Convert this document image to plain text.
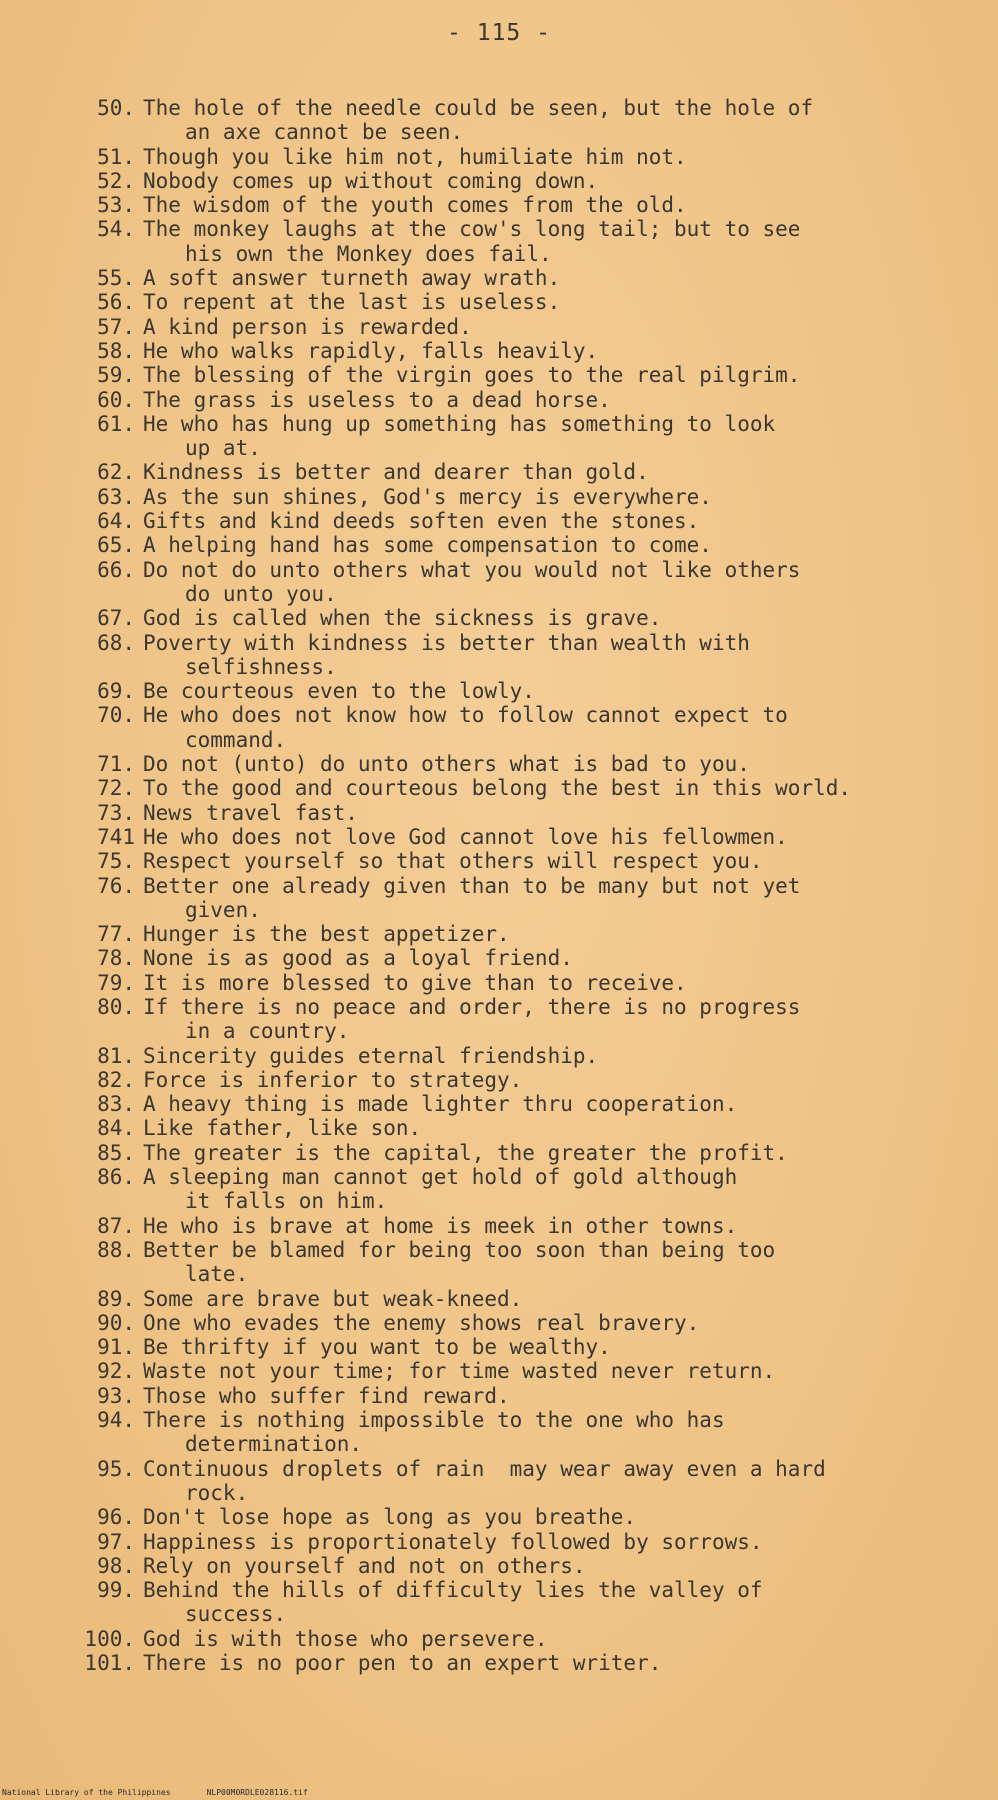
- 115 -
50. The hole of the needle could be seen, but the hole of
an axe cannot be seen.
51. Though you like him not, humiliate him not.
52. Nobody comes up without coming down.
53. The wisdom of the youth comes from the old.
54. The monkey laughs at the cow's long tail; but to see
his own the Monkey does fail.
55. A soft answer turneth away wrath.
56. To repent at the last is useless.
57. A kind person is rewarded.
58. He who walks rapidly, falls heavily.
59. The blessing of the virgin goes to the real pilgrim.
60. The grass is useless to a dead horse.
61. He who has hung up something has something to look
up at.
62. Kindness is better and dearer than gold.
63. As the sun shines, God's mercy is everywhere.
64. Gifts and kind deeds soften even the stones.
65. A helping hand has some compensation to come.
66. Do not do unto others what you would not like others
do unto you.
67. God is called when the sickness is grave.
68. Poverty with kindness is better than wealth with
selfishness.
69. Be courteous even to the lowly.
70. He who does not know how to follow cannot expect to
command.
71. Do not (unto) do unto others what is bad to you.
72. To the good and courteous belong the best in this world.
73. News travel fast.
741 He who does not love God cannot love his fellowmen.
75. Respect yourself so that others will respect you.
76. Better one already given than to be many but not yet
given.
77. Hunger is the best appetizer.
78. None is as good as a loyal friend.
79. It is more blessed to give than to receive.
80. If there is no peace and order, there is no progress
in a country.
81. Sincerity guides eternal friendship.
82. Force is inferior to strategy.
83. A heavy thing is made lighter thru cooperation.
84. Like father, like son.
85. The greater is the capital, the greater the profit.
86. A sleeping man cannot get hold of gold although
it falls on him.
87. He who is brave at home is meek in other towns.
88. Better be blamed for being too soon than being too
late.
89. Some are brave but weak-kneed.
90. One who evades the enemy shows real bravery.
91. Be thrifty if you want to be wealthy.
92. Waste not your time; for time wasted never return.
93. Those who suffer find reward.
94. There is nothing impossible to the one who has
determination.
95. Continuous droplets of rain  may wear away even a hard
rock.
96. Don't lose hope as long as you breathe.
97. Happiness is proportionately followed by sorrows.
98. Rely on yourself and not on others.
99. Behind the hills of difficulty lies the valley of
success.
100. God is with those who persevere.
101. There is no poor pen to an expert writer.
National Library of the Philippines	NLP00M0RDLE028116.tif
